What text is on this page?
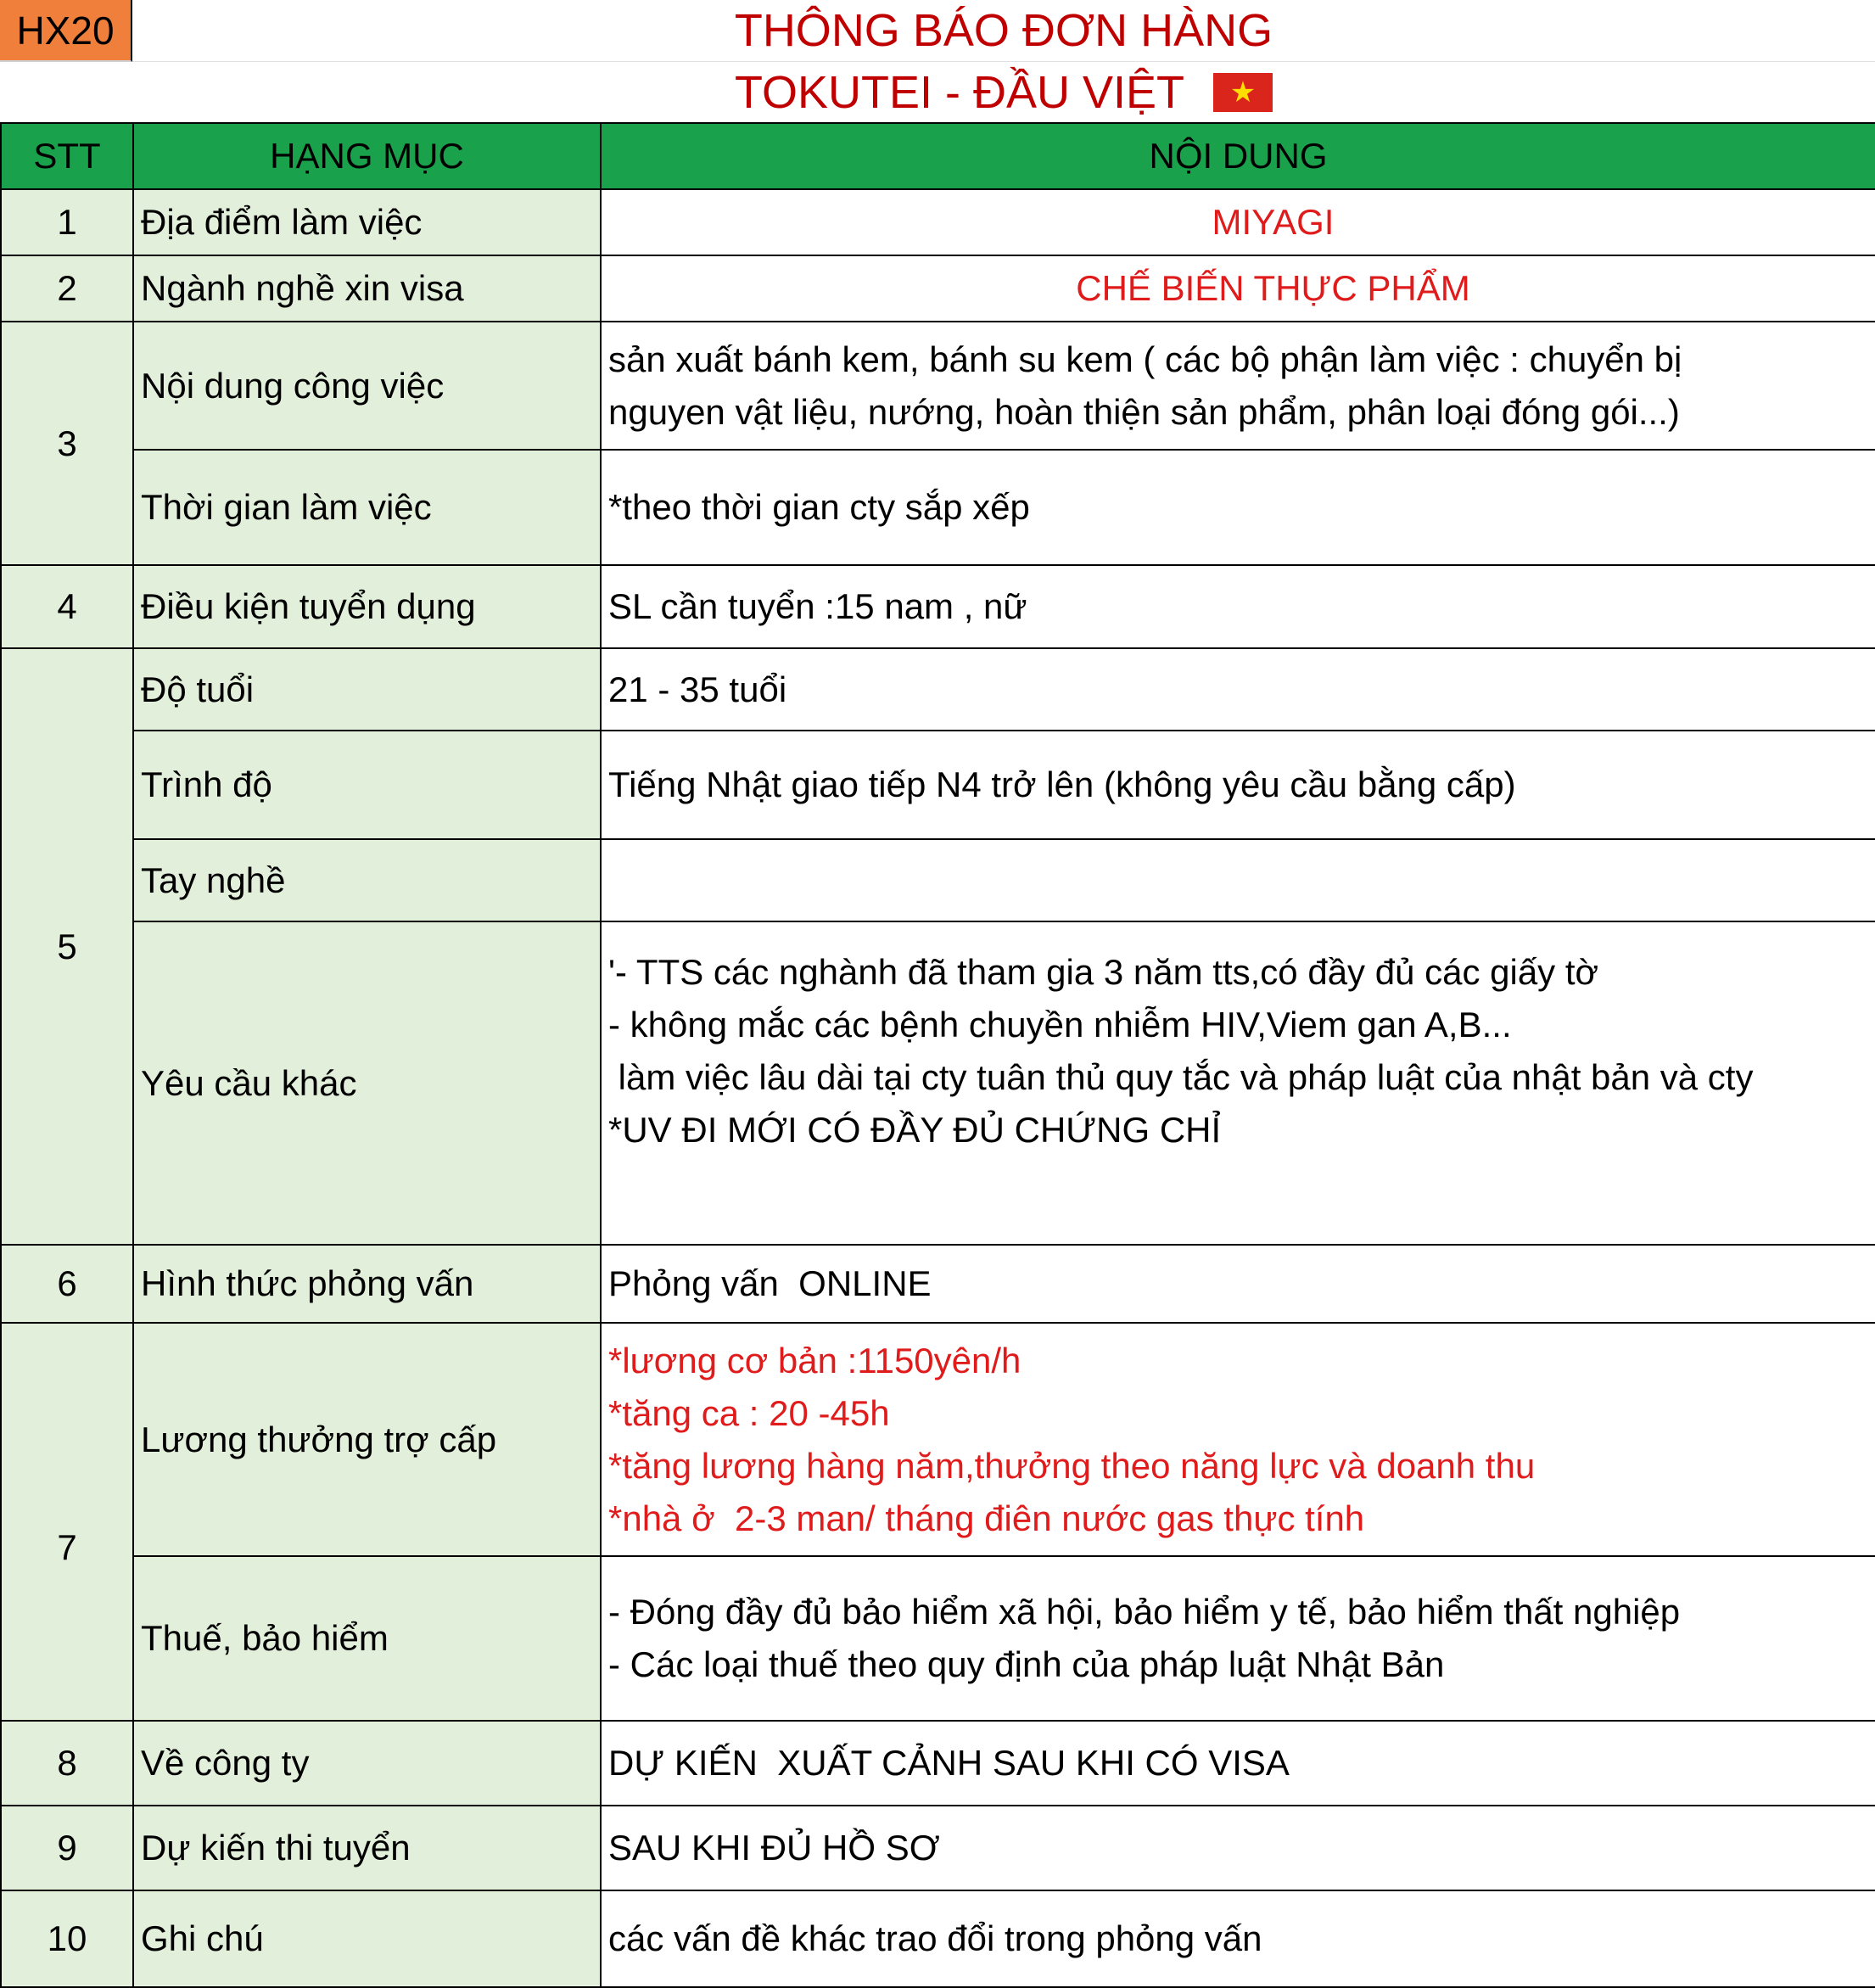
HX20	THÔNG BÁO ĐƠN HÀNG
TOKUTEI - ĐẦU VIỆT	★
STT	HẠNG MỤC	NỘI DUNG
1	Địa điểm làm việc	MIYAGI
2	Ngành nghề xin visa	CHẾ BIẾN THỰC PHẨM
3	Nội dung công việc	sản xuất bánh kem, bánh su kem ( các bộ phận làm việc : chuyển bị
nguyen vật liệu, nướng, hoàn thiện sản phẩm, phân loại đóng gói...)

	Thời gian làm việc	*theo thời gian cty sắp xếp
4	Điều kiện tuyển dụng	SL cần tuyển :15 nam , nữ
5	Độ tuổi	21 - 35 tuổi
	Trình độ	Tiếng Nhật giao tiếp N4 trở lên (không yêu cầu bằng cấp)
	Tay nghề	
	Yêu cầu khác	'- TTS các nghành đã tham gia 3 năm tts,có đầy đủ các giấy tờ
- không mắc các bệnh chuyền nhiễm HIV,Viem gan A,B...
làm việc lâu dài tại cty tuân thủ quy tắc và pháp luật của nhật bản và cty
*UV ĐI MỚI CÓ ĐẦY ĐỦ CHỨNG CHỈ

6	Hình thức phỏng vấn	Phỏng vấn  ONLINE
7	Lương thưởng trợ cấp	*lương cơ bản :1150yên/h
*tăng ca : 20 -45h
*tăng lương hàng năm,thưởng theo năng lực và doanh thu
*nhà ở  2-3 man/ tháng điên nước gas thực tính

	Thuế, bảo hiểm	- Đóng đầy đủ bảo hiểm xã hội, bảo hiểm y tế, bảo hiểm thất nghiệp
- Các loại thuế theo quy định của pháp luật Nhật Bản

8	Về công ty	DỰ KIẾN  XUẤT CẢNH SAU KHI CÓ VISA
9	Dự kiến thi tuyển	SAU KHI ĐỦ HỒ SƠ
10	Ghi chú	các vấn đề khác trao đổi trong phỏng vấn
